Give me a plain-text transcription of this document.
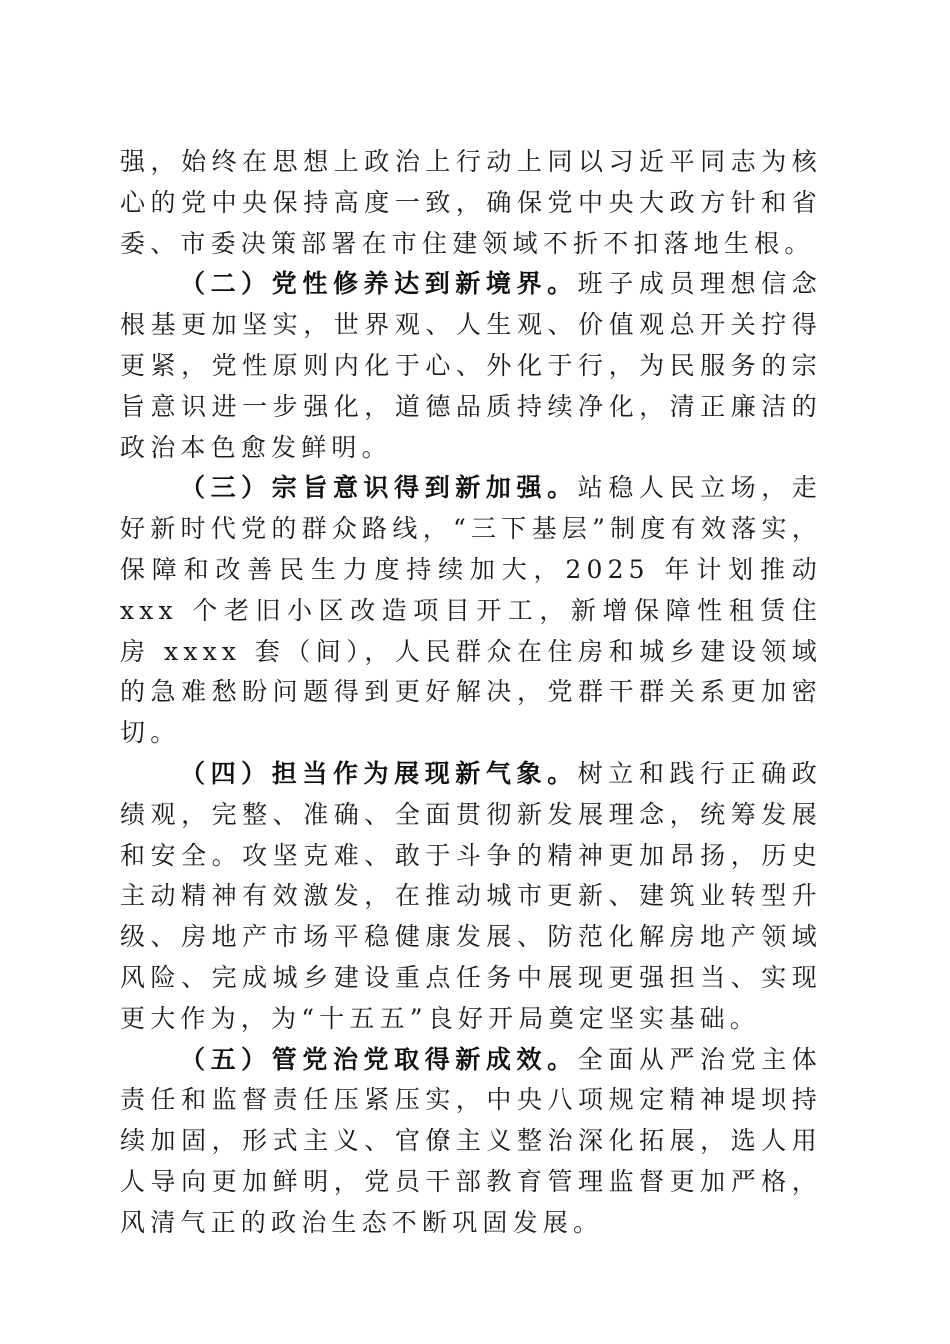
强，始终在思想上政治上行动上同以习近平同志为核心的党中央保持高度一致，确保党中央大政方针和省委、市委决策部署在市住建领域不折不扣落地生根。

（二）党性修养达到新境界。班子成员理想信念根基更加坚实，世界观、人生观、价值观总开关拧得更紧，党性原则内化于心、外化于行，为民服务的宗旨意识进一步强化，道德品质持续净化，清正廉洁的政治本色愈发鲜明。

（三）宗旨意识得到新加强。站稳人民立场，走好新时代党的群众路线，“三下基层”制度有效落实，保障和改善民生力度持续加大，2025 年计划推动 xxx 个老旧小区改造项目开工，新增保障性租赁住房 xxxx 套（间），人民群众在住房和城乡建设领域的急难愁盼问题得到更好解决，党群干群关系更加密切。

（四）担当作为展现新气象。树立和践行正确政绩观，完整、准确、全面贯彻新发展理念，统筹发展和安全。攻坚克难、敢于斗争的精神更加昂扬，历史主动精神有效激发，在推动城市更新、建筑业转型升级、房地产市场平稳健康发展、防范化解房地产领域风险、完成城乡建设重点任务中展现更强担当、实现更大作为，为“十五五”良好开局奠定坚实基础。

（五）管党治党取得新成效。全面从严治党主体责任和监督责任压紧压实，中央八项规定精神堤坝持续加固，形式主义、官僚主义整治深化拓展，选人用人导向更加鲜明，党员干部教育管理监督更加严格，风清气正的政治生态不断巩固发展。
